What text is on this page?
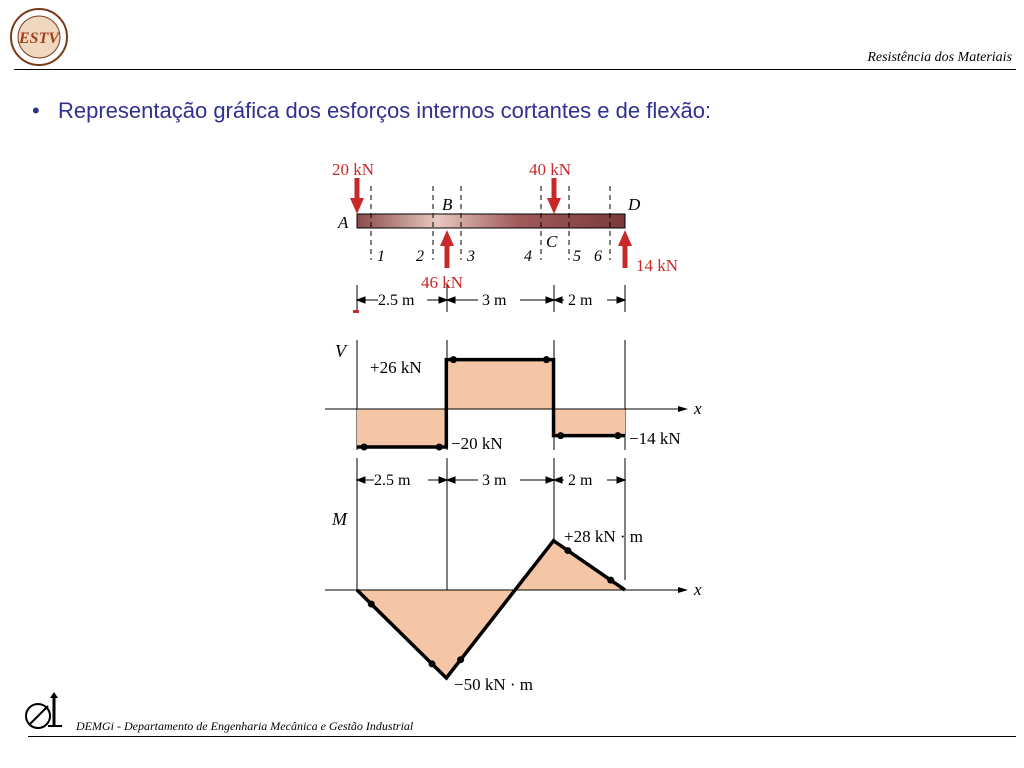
ESTV
Resistência dos Materiais
• Representação gráfica dos esforços internos cortantes e de flexão:
A
B
C
D
1 2	3	4	5 6
20 kN
46 kN
40 kN
14 kN
2.5 m	3 m	2 m
V
x
+26 kN
−20 kN	−14 kN
2.5 m	3 m	2 m
M
x
+28 kN · m
−50 kN · m
DEMGi - Departamento de Engenharia Mecânica e Gestão Industrial
